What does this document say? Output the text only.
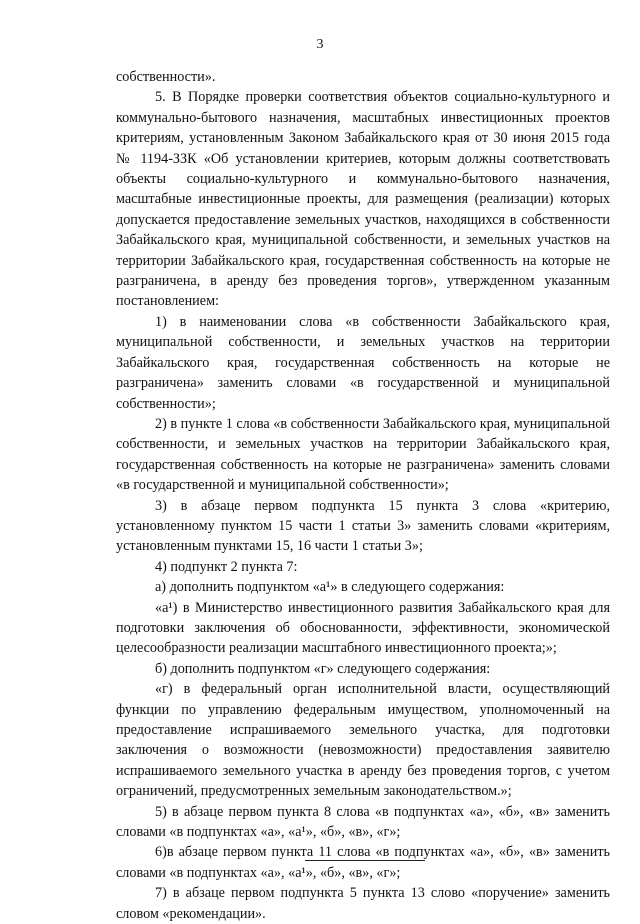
3

собственности».

5. В Порядке проверки соответствия объектов социально-культурного и коммунально-бытового назначения, масштабных инвестиционных проектов критериям, установленным Законом Забайкальского края от 30 июня 2015 года № 1194-ЗЗК «Об установлении критериев, которым должны соответствовать объекты социально-культурного и коммунально-бытового назначения, масштабные инвестиционные проекты, для размещения (реализации) которых допускается предоставление земельных участков, находящихся в собственности Забайкальского края, муниципальной собственности, и земельных участков на территории Забайкальского края, государственная собственность на которые не разграничена, в аренду без проведения торгов», утвержденном указанным постановлением:

1) в наименовании слова «в собственности Забайкальского края, муниципальной собственности, и земельных участков на территории Забайкальского края, государственная собственность на которые не разграничена» заменить словами «в государственной и муниципальной собственности»;

2) в пункте 1 слова «в собственности Забайкальского края, муниципальной собственности, и земельных участков на территории Забайкальского края, государственная собственность на которые не разграничена» заменить словами «в государственной и муниципальной собственности»;

3) в абзаце первом подпункта 15 пункта 3 слова «критерию, установленному пунктом 15 части 1 статьи 3» заменить словами «критериям, установленным пунктами 15, 16 части 1 статьи 3»;

4) подпункт 2 пункта 7:

а) дополнить подпунктом «а¹» в следующего содержания:

«а¹) в Министерство инвестиционного развития Забайкальского края для подготовки заключения об обоснованности, эффективности, экономической целесообразности реализации масштабного инвестиционного проекта;»;

б) дополнить подпунктом «г» следующего содержания:

«г) в федеральный орган исполнительной власти, осуществляющий функции по управлению федеральным имуществом, уполномоченный на предоставление испрашиваемого земельного участка, для подготовки заключения о возможности (невозможности) предоставления заявителю испрашиваемого земельного участка в аренду без проведения торгов, с учетом ограничений, предусмотренных земельным законодательством.»;

5) в абзаце первом пункта 8 слова «в подпунктах «а», «б», «в» заменить словами «в подпунктах «а», «а¹», «б», «в», «г»;

6)в абзаце первом пункта 11 слова «в подпунктах «а», «б», «в» заменить словами «в подпунктах «а», «а¹», «б», «в», «г»;

7) в абзаце первом подпункта 5 пункта 13 слово «поручение» заменить словом «рекомендации».
